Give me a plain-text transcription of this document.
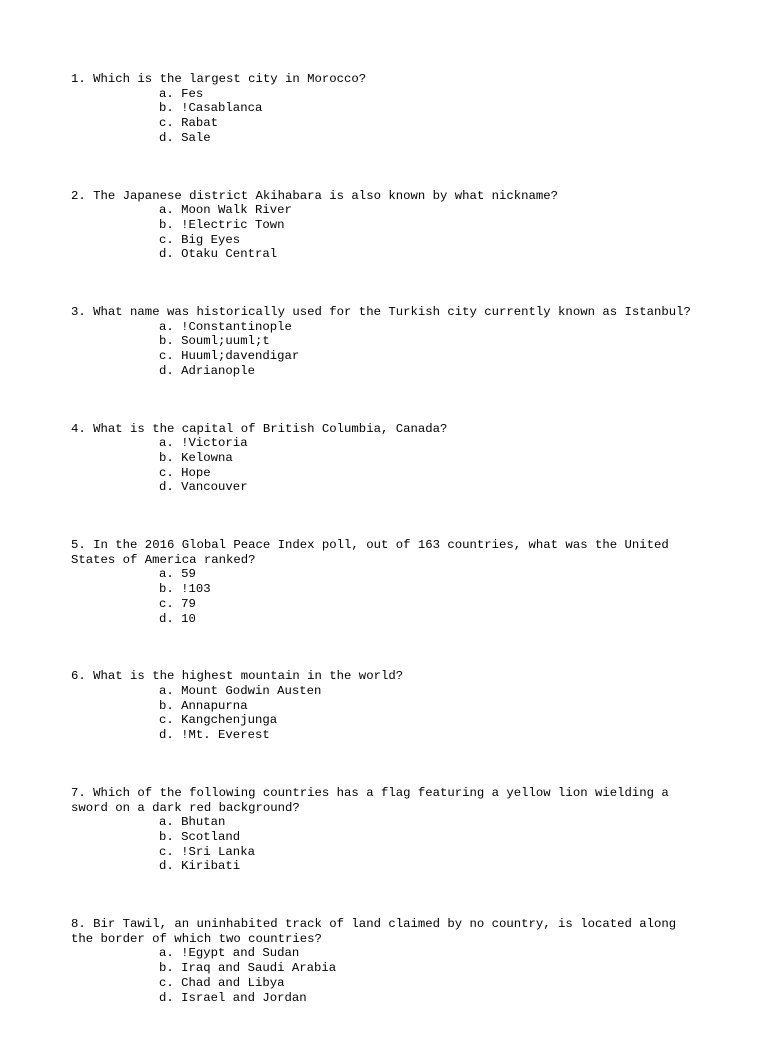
1. Which is the largest city in Morocco?
a. Fes
b. !Casablanca
c. Rabat
d. Sale
2. The Japanese district Akihabara is also known by what nickname?
a. Moon Walk River
b. !Electric Town
c. Big Eyes
d. Otaku Central
3. What name was historically used for the Turkish city currently known as Istanbul?
a. !Constantinople
b. Souml;uuml;t
c. Huuml;davendigar
d. Adrianople
4. What is the capital of British Columbia, Canada?
a. !Victoria
b. Kelowna
c. Hope
d. Vancouver
5. In the 2016 Global Peace Index poll, out of 163 countries, what was the United States of America ranked?
a. 59
b. !103
c. 79
d. 10
6. What is the highest mountain in the world?
a. Mount Godwin Austen
b. Annapurna
c. Kangchenjunga
d. !Mt. Everest
7. Which of the following countries has a flag featuring a yellow lion wielding a sword on a dark red background?
a. Bhutan
b. Scotland
c. !Sri Lanka
d. Kiribati
8. Bir Tawil, an uninhabited track of land claimed by no country, is located along the border of which two countries?
a. !Egypt and Sudan
b. Iraq and Saudi Arabia
c. Chad and Libya
d. Israel and Jordan
